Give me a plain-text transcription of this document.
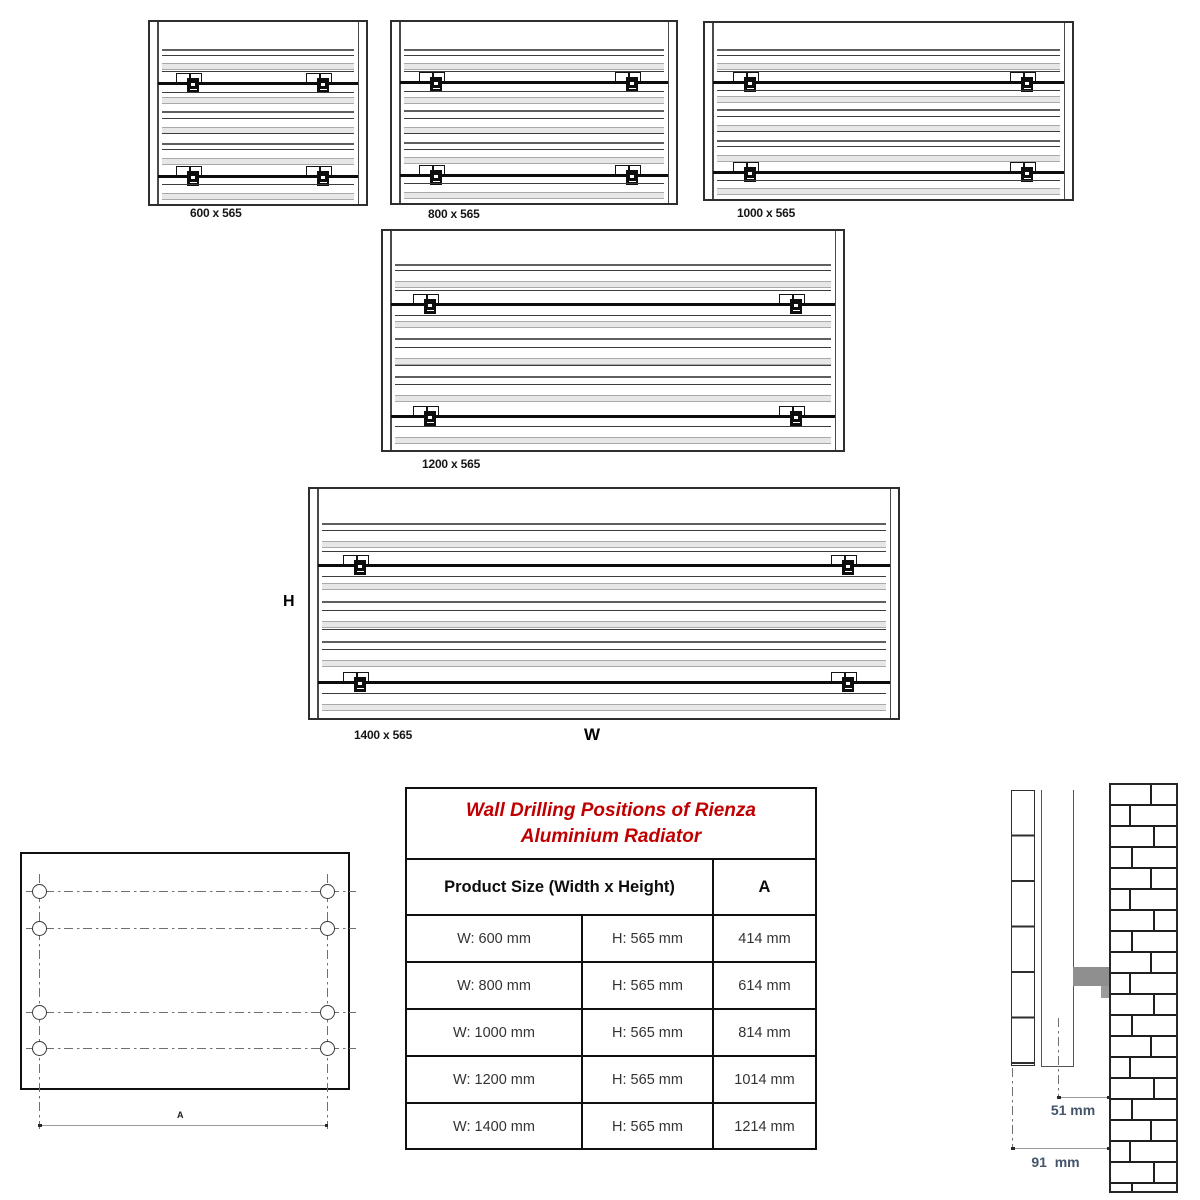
600 x 565	800 x 565	1000 x 565
1200 x 565
1400 x 565
H
W
A
Wall Drilling Positions of Rienza
Aluminium Radiator
Product Size (Width x Height)	A
W: 600 mm	H: 565 mm	414 mm
W: 800 mm	H: 565 mm	614 mm
W: 1000 mm	H: 565 mm	814 mm
W: 1200 mm	H: 565 mm	1014 mm
W: 1400 mm	H: 565 mm	1214 mm
51 mm
91  mm
